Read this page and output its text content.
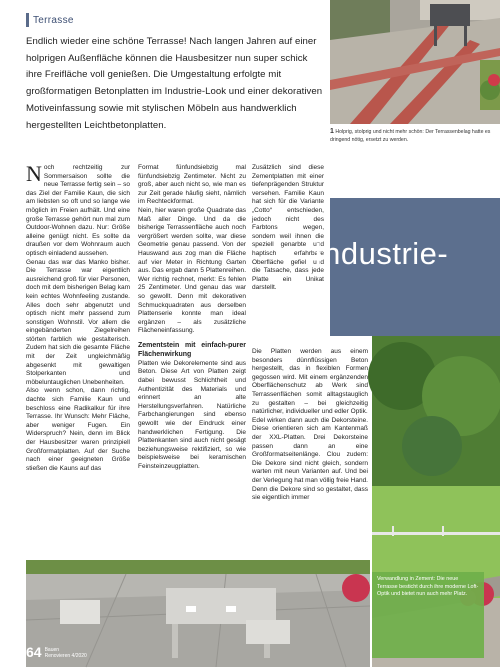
Terrasse
Endlich wieder eine schöne Terrasse! Nach langen Jahren auf einer holprigen Außenfläche können die Hausbesitzer nun super schick ihre Freifläche voll genießen. Die Umgestaltung erfolgte mit großformatigen Betonplatten im Industrie-Look und einer dekorativen Motiveinfassung sowie mit stylischen Möbeln aus handwerklich hergestellten Leichtbetonplatten.
1 Holprig, stolprig und nicht mehr schön: Der Terrassenbelag hatte es dringend nötig, ersetzt zu werden.

Noch rechtzeitig zur Sommersaison sollte die neue Terrasse fertig sein – so das Ziel der Familie Kaun, die sich am liebsten so oft und so lange wie möglich im Freien aufhält. Und eine große Terrasse gehört nun mal zum Outdoor-Wohnen dazu. Nur: Größe alleine genügt nicht. Es sollte da draußen vor dem Wohnraum auch optisch einladend aussehen.

Genau das war das Manko bisher. Die Terrasse war eigentlich ausreichend groß für vier Personen, doch mit dem bisherigen Belag kam kein echtes Wohnfeeling zustande. Alles doch sehr abgenutzt und optisch nicht mehr passend zum sonstigen Wohnstil. Vor allem die eingebänderten Ziegelreihen störten farblich wie gestalterisch. Zudem hat sich die gesamte Fläche mit der Zeit ungleichmäßig abgesenkt mit gewaltigen Stolperkanten und möbeluntauglichen Unebenheiten.

Also wenn schon, dann richtig, dachte sich Familie Kaun und beschloss eine Radikalkur für ihre Terrasse. Ihr Wunsch: Mehr Fläche, aber weniger Fugen. Ein Widerspruch? Nein, denn im Blick der Hausbesitzer waren prinzipiell Großformatplatten. Auf der Suche nach einer geeigneten Größe stießen die Kauns auf das

Format fünfundsiebzig mal fünfundsiebzig Zentimeter. Nicht zu groß, aber auch nicht so, wie man es zur Zeit gerade häufig sieht, nämlich im Rechteckformat.

Nein, hier waren große Quadrate das Maß aller Dinge. Und da die bisherige Terrassenfläche auch noch vergrößert werden sollte, war diese Geometrie genau passend. Von der Hauswand aus zog man die Fläche auf vier Meter in Richtung Garten aus. Das ergab dann 5 Plattenreihen. Wer richtig rechnet, merkt: Es fehlen 25 Zentimeter. Und genau das war so gewollt. Denn mit dekorativen Schmuckquadraten aus derselben Plattenserie konnte man ideal ergänzen – als zusätzliche Flächeneinfassung.

Zementstein mit einfach-purer Flächenwirkung

Platten wie Dekorelemente sind aus Beton. Diese Art von Platten zeigt dabei bewusst Schlichtheit und Authentizität des Materials und erinnert an alte Herstellungsverfahren. Natürliche Farbchangierungen sind ebenso gewollt wie der Eindruck einer handwerklichen Fertigung. Die Plattenkanten sind auch nicht gesägt beziehungsweise rektifiziert, so wie beispielsweise bei keramischen Feinsteinzeugplatten.

Zusätzlich sind diese Zementplatten mit einer tiefenprägenden Struktur versehen. Familie Kaun hat sich für die Variante „Cotto“ entschieden, jedoch nicht des Farbtons wegen, sondern weil ihnen die speziell genarbte und haptisch erfahrbare Oberfläche gefiel und die Tatsache, dass jede Platte ein Unikat darstellt.

Die Platten werden aus einem besonders dünnflüssigen Beton hergestellt, das in flexiblen Formen gegossen wird. Mit einem ergänzenden Oberflächenschutz ab Werk sind Terrassenflächen somit alltagstauglich zu gestalten – bei gleichzeitig natürlicher, individueller und edler Optik.

Edel wirken dann auch die Dekorsteine. Diese orientieren sich am Kantenmaß der XXL-Platten. Drei Dekorsteine passen dann an eine Großformatseitenlänge. Clou zudem: Die Dekore sind nicht gleich, sondern warten mit neun Varianten auf. Und bei der Verlegung hat man völlig freie Hand. Denn die Dekore sind so gestaltet, dass sie eigentlich immer

Industrie-
Verwandlung in Zement: Die neue Terrasse besticht durch ihre moderne Loft-Optik und bietet nun auch mehr Platz.
64 Bauen
Renovieren 4/2020
